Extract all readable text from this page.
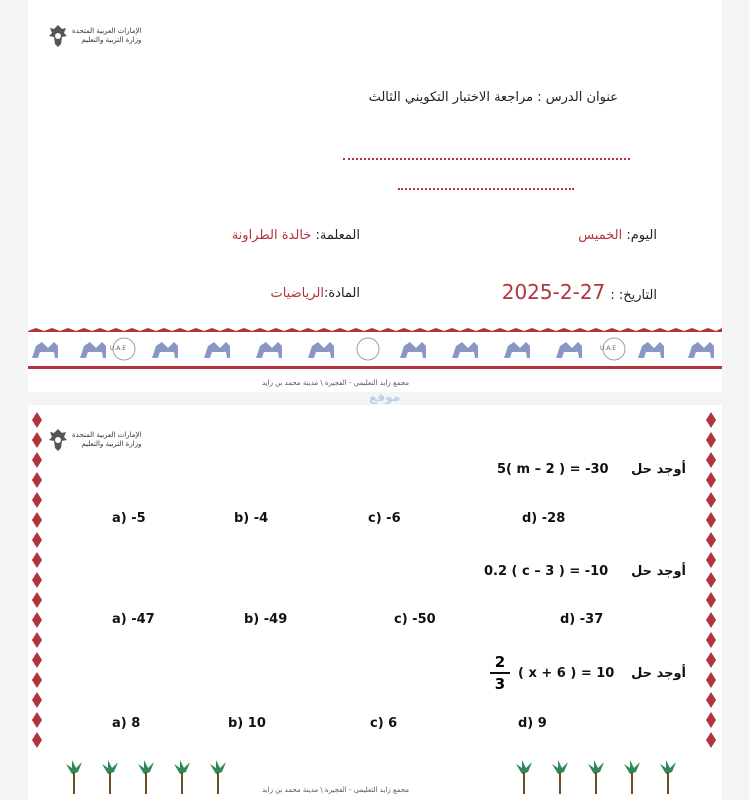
الإمارات العربية المتحدة
وزارة التربية والتعليم
عنوان الدرس : مراجعة الاختبار التكويني الثالث
اليوم: الخميس
المعلمة: خالدة الطراونة
التاريخ: : 27-2-2025
المادة:الرياضيات
U.A.E	U.A.E
مجمع زايد التعليمي - الفجيرة \ مدينة محمد بن زايد
موقع
الإمارات العربية المتحدة
وزارة التربية والتعليم
أوجد حل
5( m – 2 ) = -30
a) -5	b) -4	c) -6	d) -28
أوجد حل
0.2 ( c – 3 ) = -10
a) -47	b) -49	c) -50	d) -37
أوجد حل
2
3
( x + 6 ) = 10
a) 8	b) 10	c) 6	d) 9
مجمع زايد التعليمي - الفجيرة \ مدينة محمد بن زايد
